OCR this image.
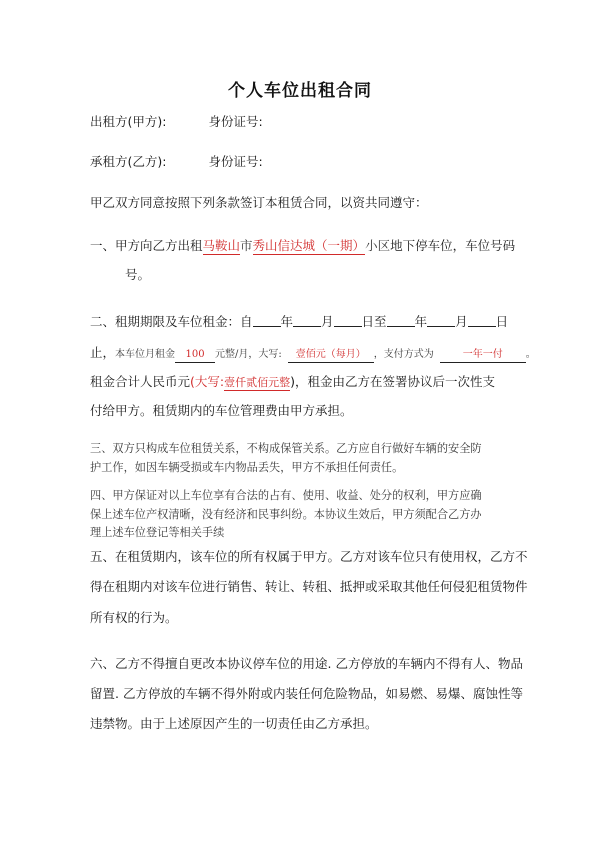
个人车位出租合同
出租方(甲方):	身份证号:
承租方(乙方):	身份证号:
甲乙双方同意按照下列条款签订本租赁合同，以资共同遵守：
一、甲方向乙方出租马鞍山市秀山信达城（一期）小区地下停车位，车位号码
号。
二、租期期限及车位租金：自 年 月 日至 年 月 日
止，本车位月租金 100 元整/月，大写: 壹佰元（每月） ，支付方式为	一年一付 。
租金合计人民币元(大写:壹仟贰佰元整)，租金由乙方在签署协议后一次性支
付给甲方。租赁期内的车位管理费由甲方承担。
三、双方只构成车位租赁关系，不构成保管关系。乙方应自行做好车辆的安全防
护工作，如因车辆受损或车内物品丢失，甲方不承担任何责任。
四、甲方保证对以上车位享有合法的占有、使用、收益、处分的权利，甲方应确
保上述车位产权清晰，没有经济和民事纠纷。本协议生效后，甲方须配合乙方办
理上述车位登记等相关手续
五、在租赁期内，该车位的所有权属于甲方。乙方对该车位只有使用权，乙方不
得在租期内对该车位进行销售、转让、转租、抵押或采取其他任何侵犯租赁物件
所有权的行为。
六、乙方不得擅自更改本协议停车位的用途. 乙方停放的车辆内不得有人、物品
留置. 乙方停放的车辆不得外附或内装任何危险物品，如易燃、易爆、腐蚀性等
违禁物。由于上述原因产生的一切责任由乙方承担。
